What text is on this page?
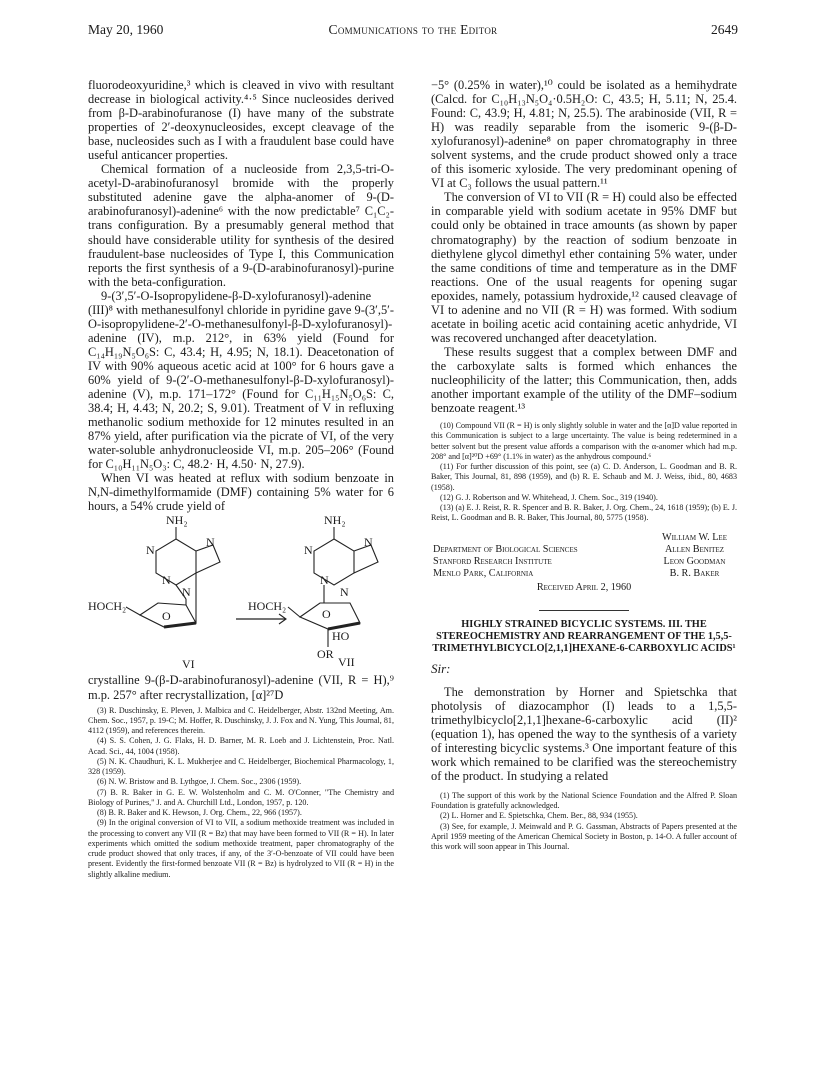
May 20, 1960	Communications to the Editor	2649

fluorodeoxyuridine,³ which is cleaved in vivo with resultant decrease in biological activity.⁴·⁵ Since nucleosides derived from β-D-arabinofuranose (I) have many of the substrate properties of 2′-deoxynucleosides, except cleavage of the base, nucleosides such as I with a fraudulent base could have useful anticancer properties.

Chemical formation of a nucleoside from 2,3,5-tri-O-acetyl-D-arabinofuranosyl bromide with the properly substituted adenine gave the alpha-anomer of 9-(D-arabinofuranosyl)-adenine⁶ with the now predictable⁷ C₁C₂-trans configuration. By a presumably general method that should have considerable utility for synthesis of the desired fraudulent-base nucleosides of Type I, this Communication reports the first synthesis of a 9-(D-arabinofuranosyl)-purine with the beta-configuration.

9-(3′,5′-O-Isopropylidene-β-D-xylofuranosyl)-adenine (III)⁸ with methanesulfonyl chloride in pyridine gave 9-(3′,5′-O-isopropylidene-2′-O-methanesulfonyl-β-D-xylofuranosyl)-adenine (IV), m.p. 212°, in 63% yield (Found for C₁₄H₁₉N₅O₆S: C, 43.4; H, 4.95; N, 18.1). Deacetonation of IV with 90% aqueous acetic acid at 100° for 6 hours gave a 60% yield of 9-(2′-O-methanesulfonyl-β-D-xylofuranosyl)-adenine (V), m.p. 171–172° (Found for C₁₁H₁₅N₅O₆S: C, 38.4; H, 4.43; N, 20.2; S, 9.01). Treatment of V in refluxing methanolic sodium methoxide for 12 minutes resulted in an 87% yield, after purification via the picrate of VI, of the very water-soluble anhydronucleoside VI, m.p. 205–206° (Found for C₁₀H₁₁N₅O₃: C, 48.2· H, 4.50· N, 27.9).

When VI was heated at reflux with sodium benzoate in N,N-dimethylformamide (DMF) containing 5% water for 6 hours, a 54% crude yield of

NH₂	NH₂
N
N
N
N
N
N
N
N
HOCH₂	HOCH₂
O	O
HO
OR
VI	VII

crystalline 9-(β-D-arabinofuranosyl)-adenine (VII, R = H),⁹ m.p. 257° after recrystallization, [α]²⁷D

(3) R. Duschinsky, E. Pleven, J. Malbica and C. Heidelberger, Abstr. 132nd Meeting, Am. Chem. Soc., 1957, p. 19-C; M. Hoffer, R. Duschinsky, J. J. Fox and N. Yung, This Journal, 81, 4112 (1959), and references therein.

(4) S. S. Cohen, J. G. Flaks, H. D. Barner, M. R. Loeb and J. Lichtenstein, Proc. Natl. Acad. Sci., 44, 1004 (1958).

(5) N. K. Chaudhuri, K. L. Mukherjee and C. Heidelberger, Biochemical Pharmacology, 1, 328 (1959).

(6) N. W. Bristow and B. Lythgoe, J. Chem. Soc., 2306 (1959).

(7) B. R. Baker in G. E. W. Wolstenholm and C. M. O'Conner, "The Chemistry and Biology of Purines," J. and A. Churchill Ltd., London, 1957, p. 120.

(8) B. R. Baker and K. Hewson, J. Org. Chem., 22, 966 (1957).

(9) In the original conversion of VI to VII, a sodium methoxide treatment was included in the processing to convert any VII (R = Bz) that may have been formed to VII (R = H). In later experiments which omitted the sodium methoxide treatment, paper chromatography of the crude product showed that only traces, if any, of the 3′-O-benzoate of VII could have been present. Evidently the first-formed benzoate VII (R = Bz) is hydrolyzed to VII (R = H) in the slightly alkaline medium.

−5° (0.25% in water),¹⁰ could be isolated as a hemihydrate (Calcd. for C₁₀H₁₃N₅O₄·0.5H₂O: C, 43.5; H, 5.11; N, 25.4. Found: C, 43.9; H, 4.81; N, 25.5). The arabinoside (VII, R = H) was readily separable from the isomeric 9-(β-D-xylofuranosyl)-adenine⁸ on paper chromatography in three solvent systems, and the crude product showed only a trace of this isomeric xyloside. The very predominant opening of VI at C₃ follows the usual pattern.¹¹

The conversion of VI to VII (R = H) could also be effected in comparable yield with sodium acetate in 95% DMF but could only be obtained in trace amounts (as shown by paper chromatography) by the reaction of sodium benzoate in diethylene glycol dimethyl ether containing 5% water, under the same conditions of time and temperature as in the DMF reactions. One of the usual reagents for opening sugar epoxides, namely, potassium hydroxide,¹² caused cleavage of VI to adenine and no VII (R = H) was formed. With sodium acetate in boiling acetic acid containing acetic anhydride, VI was recovered unchanged after deacetylation.

These results suggest that a complex between DMF and the carboxylate salts is formed which enhances the nucleophilicity of the latter; this Communication, then, adds another important example of the utility of the DMF–sodium benzoate reagent.¹³

(10) Compound VII (R = H) is only slightly soluble in water and the [α]D value reported in this Communication is subject to a large uncertainty. The value is being redetermined in a better solvent but the present value affords a comparison with the α-anomer which had m.p. 208° and [α]²⁰D +69° (1.1% in water) as the anhydrous compound.⁶

(11) For further discussion of this point, see (a) C. D. Anderson, L. Goodman and B. R. Baker, This Journal, 81, 898 (1959), and (b) R. E. Schaub and M. J. Weiss, ibid., 80, 4683 (1958).

(12) G. J. Robertson and W. Whitehead, J. Chem. Soc., 319 (1940).

(13) (a) E. J. Reist, R. R. Spencer and B. R. Baker, J. Org. Chem., 24, 1618 (1959); (b) E. J. Reist, L. Goodman and B. R. Baker, This Journal, 80, 5775 (1958).

Department of Biological Sciences
Stanford Research Institute
Menlo Park, California
William W. Lee
Allen Benitez
Leon Goodman
B. R. Baker
Received April 2, 1960
HIGHLY STRAINED BICYCLIC SYSTEMS. III. THE STEREOCHEMISTRY AND REARRANGEMENT OF THE 1,5,5-TRIMETHYLBICYCLO[2,1,1]HEXANE-6-CARBOXYLIC ACIDS¹
Sir:

The demonstration by Horner and Spietschka that photolysis of diazocamphor (I) leads to a 1,5,5-trimethylbicyclo[2,1,1]hexane-6-carboxylic acid (II)² (equation 1), has opened the way to the synthesis of a variety of interesting bicyclic systems.³ One important feature of this work which remained to be clarified was the stereochemistry of the product. In studying a related

(1) The support of this work by the National Science Foundation and the Alfred P. Sloan Foundation is gratefully acknowledged.

(2) L. Horner and E. Spietschka, Chem. Ber., 88, 934 (1955).

(3) See, for example, J. Meinwald and P. G. Gassman, Abstracts of Papers presented at the April 1959 meeting of the American Chemical Society in Boston, p. 14-O. A fuller account of this work will soon appear in This Journal.
